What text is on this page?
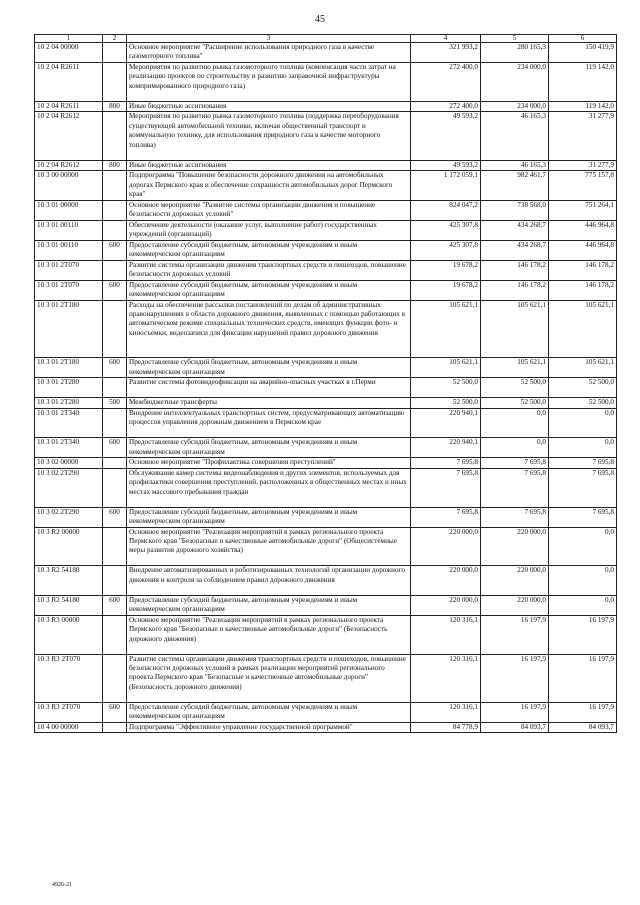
45
1	2	3	4	5	6
10 2 04 00000		Основное мероприятие "Расширение использования природного газа в качестве газомоторного топлива"	321 993,2	280 165,3	150 419,9
10 2 04 R2611		Мероприятия по развитию рынка газомоторного топлива (компенсация части затрат на реализацию проектов по строительству и развитию заправочной инфраструктуры компримированного природного газа)	272 400,0	234 000,0	119 142,0
10 2 04 R2611	800	Иные бюджетные ассигнования	272 400,0	234 000,0	119 142,0
10 2 04 R2612		Мероприятия по развитию рынка газомоторного топлива (поддержка переоборудования существующей автомобильной техники, включая общественный транспорт и коммунальную технику, для использования природного газа в качестве моторного топлива)	49 593,2	46 165,3	31 277,9
10 2 04 R2612	800	Иные бюджетные ассигнования	49 593,2	46 165,3	31 277,9
10 3 00 00000		Подпрограмма "Повышение безопасности дорожного движения на автомобильных дорогах Пермского края и обеспечение сохранности автомобильных дорог Пермского края"	1 172 059,1	982 461,7	775 157,8
10 3 01 00000		Основное мероприятие "Развитие системы организации движения и повышение безопасности дорожных условий"	824 047,2	738 568,0	751 264,1
10 3 01 00110		Обеспечение деятельности (оказание услуг, выполнение работ) государственных учреждений (организаций)	425 307,8	434 268,7	446 964,8
10 3 01 00110	600	Предоставление субсидий бюджетным, автономным учреждениям и иным некоммерческим организациям	425 307,8	434 268,7	446 964,8
10 3 01 2Т070		Развитие системы организации движения транспортных средств и пешеходов, повышение безопасности дорожных условий	19 678,2	146 178,2	146 178,2
10 3 01 2Т070	600	Предоставление субсидий бюджетным, автономным учреждениям и иным некоммерческим организациям	19 678,2	146 178,2	146 178,2
10 3 01 2Т180		Расходы на обеспечение рассылки постановлений по делам об административных правонарушениях в области дорожного движения, выявленных с помощью работающих в автоматическом режиме специальных технических средств, имеющих функции фото- и киносъемки, видеозаписи для фиксации нарушений правил дорожного движения	105 621,1	105 621,1	105 621,1
10 3 01 2Т180	600	Предоставление субсидий бюджетным, автономным учреждениям и иным некоммерческим организациям	105 621,1	105 621,1	105 621,1
10 3 01 2Т280		Развитие системы фотовидеофиксации на аварийно-опасных участках в г.Перми	52 500,0	52 500,0	52 500,0
10 3 01 2Т280	500	Межбюджетные трансферты	52 500,0	52 500,0	52 500,0
10 3 01 2Т340		Внедрение интеллектуальных транспортных систем, предусматривающих автоматизацию процессов управления дорожным движением в Пермском крае	220 940,1	0,0	0,0
10 3 01 2Т340	600	Предоставление субсидий бюджетным, автономным учреждениям и иным некоммерческим организациям	220 940,1	0,0	0,0
10 3 02 00000		Основное мероприятие "Профилактика совершения преступлений"	7 695,8	7 695,8	7 695,8
10 3 02 2Т290		Обслуживание камер системы видеонаблюдения и других элементов, используемых для профилактики совершения преступлений, расположенных в общественных местах и иных местах массового пребывания граждан	7 695,8	7 695,8	7 695,8
10 3 02 2Т290	600	Предоставление субсидий бюджетным, автономным учреждениям и иным некоммерческим организациям	7 695,8	7 695,8	7 695,8
10 3 R2 00000		Основное мероприятие "Реализация мероприятий в рамках регионального проекта Пермского края "Безопасные и качественные автомобильные дороги" (Общесистемные меры развития дорожного хозяйства)	220 000,0	220 000,0	0,0
10 3 R2 54180		Внедрение автоматизированных и роботизированных технологий организации дорожного движения и контроля за соблюдением правил дорожного движения	220 000,0	220 000,0	0,0
10 3 R2 54180	600	Предоставление субсидий бюджетным, автономным учреждениям и иным некоммерческим организациям	220 000,0	220 000,0	0,0
10 3 R3 00000		Основное мероприятие "Реализация мероприятий в рамках регионального проекта Пермского края "Безопасные и качественные автомобильные дороги" (Безопасность дорожного движения)	120 316,1	16 197,9	16 197,9
10 3 R3 2Т070		Развитие системы организации движения транспортных средств и пешеходов, повышение безопасности дорожных условий в рамках реализации мероприятий регионального проекта Пермского края "Безопасные и качественные автомобильные дороги" (Безопасность дорожного движения)	120 316,1	16 197,9	16 197,9
10 3 R3 2Т070	600	Предоставление субсидий бюджетным, автономным учреждениям и иным некоммерческим организациям	120 316,1	16 197,9	16 197,9
10 4 00 00000		Подпрограмма "Эффективное управление государственной программой"	84 778,9	84 093,7	84 093,7
4926-21
